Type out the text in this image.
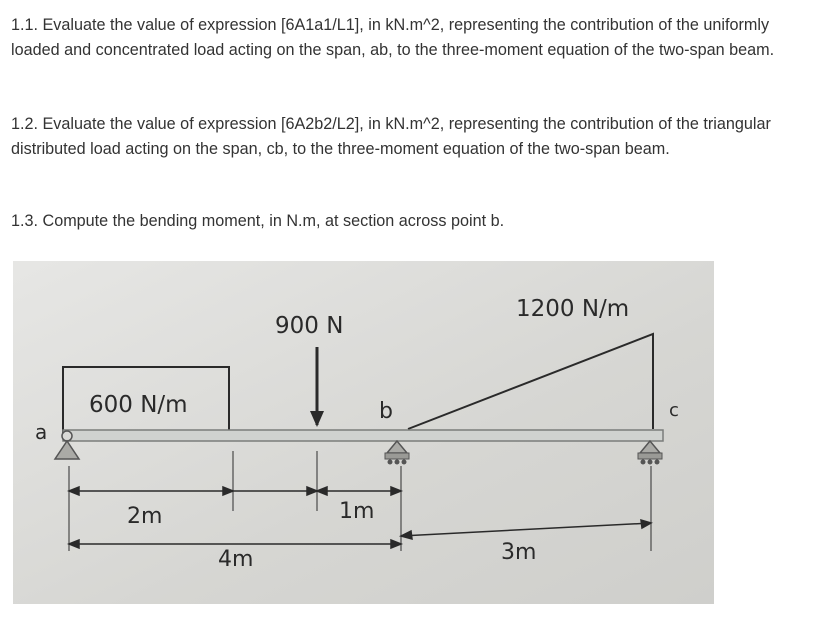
1.1. Evaluate the value of expression [6A1a1/L1], in kN.m^2, representing the contribution of the uniformly loaded and concentrated load acting on the span, ab, to the three-moment equation of the two-span beam.

1.2. Evaluate the value of expression [6A2b2/L2], in kN.m^2, representing the contribution of the triangular distributed load acting on the span, cb, to the three-moment equation of the two-span beam.

1.3. Compute the bending moment, in N.m, at section across point b.

600 N/m
900 N
1200 N/m
a
b	c
2m	1m
4m	3m
